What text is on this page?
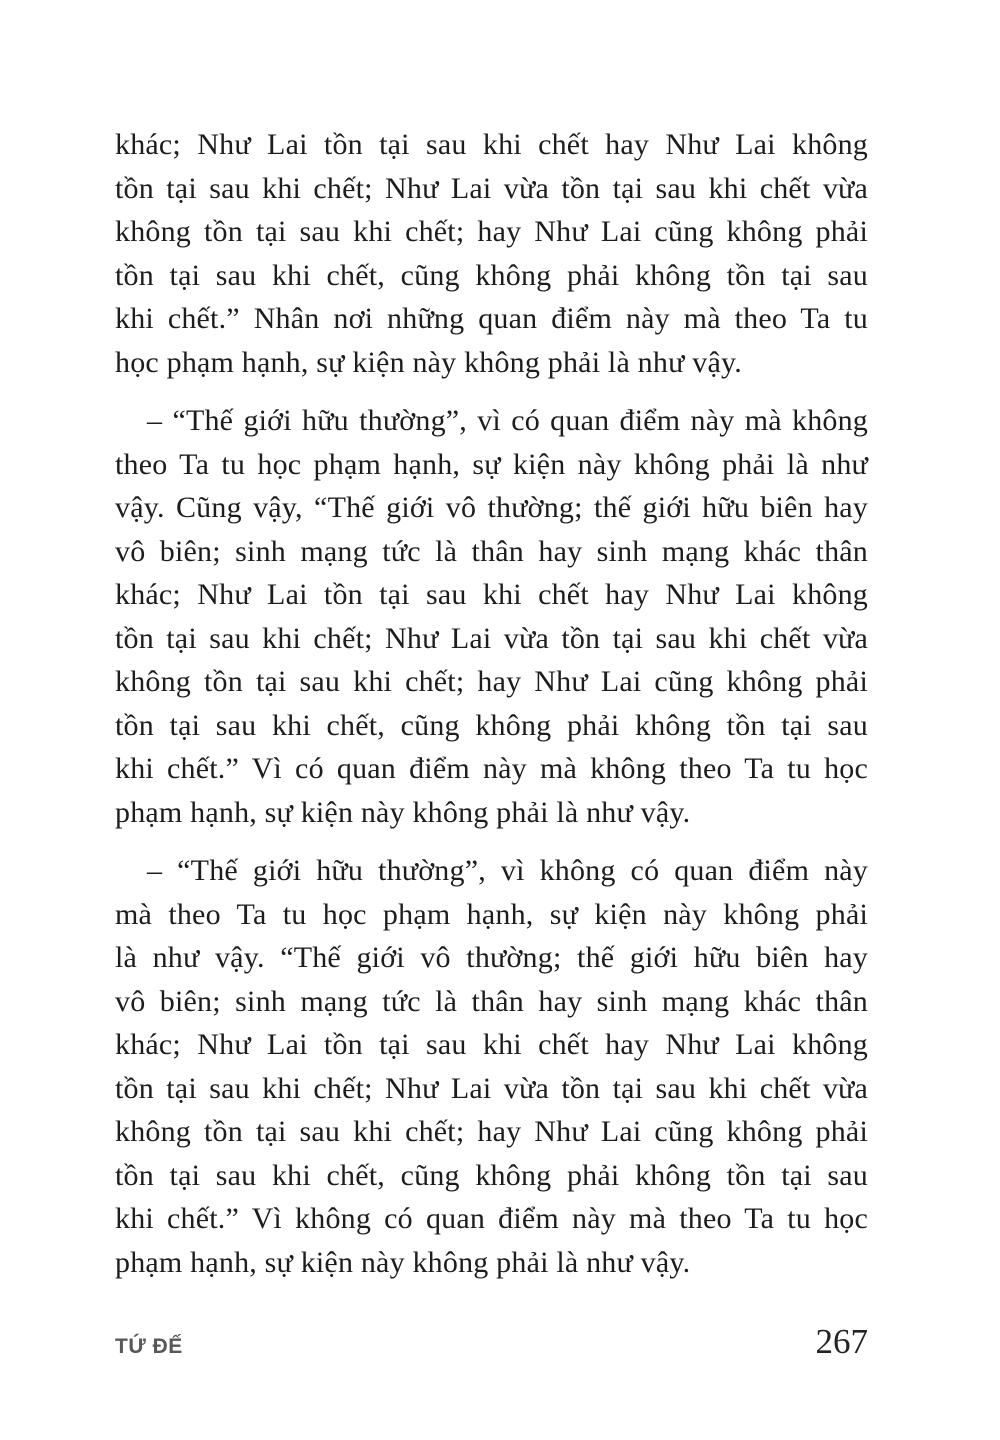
khác; Như Lai tồn tại sau khi chết hay Như Lai không
tồn tại sau khi chết; Như Lai vừa tồn tại sau khi chết vừa
không tồn tại sau khi chết; hay Như Lai cũng không phải
tồn tại sau khi chết, cũng không phải không tồn tại sau
khi chết.” Nhân nơi những quan điểm này mà theo Ta tu
học phạm hạnh, sự kiện này không phải là như vậy.
– “Thế giới hữu thường”, vì có quan điểm này mà không
theo Ta tu học phạm hạnh, sự kiện này không phải là như
vậy. Cũng vậy, “Thế giới vô thường; thế giới hữu biên hay
vô biên; sinh mạng tức là thân hay sinh mạng khác thân
khác; Như Lai tồn tại sau khi chết hay Như Lai không
tồn tại sau khi chết; Như Lai vừa tồn tại sau khi chết vừa
không tồn tại sau khi chết; hay Như Lai cũng không phải
tồn tại sau khi chết, cũng không phải không tồn tại sau
khi chết.” Vì có quan điểm này mà không theo Ta tu học
phạm hạnh, sự kiện này không phải là như vậy.
– “Thế giới hữu thường”, vì không có quan điểm này
mà theo Ta tu học phạm hạnh, sự kiện này không phải
là như vậy. “Thế giới vô thường; thế giới hữu biên hay
vô biên; sinh mạng tức là thân hay sinh mạng khác thân
khác; Như Lai tồn tại sau khi chết hay Như Lai không
tồn tại sau khi chết; Như Lai vừa tồn tại sau khi chết vừa
không tồn tại sau khi chết; hay Như Lai cũng không phải
tồn tại sau khi chết, cũng không phải không tồn tại sau
khi chết.” Vì không có quan điểm này mà theo Ta tu học
phạm hạnh, sự kiện này không phải là như vậy.
TỨ ĐẾ	267
